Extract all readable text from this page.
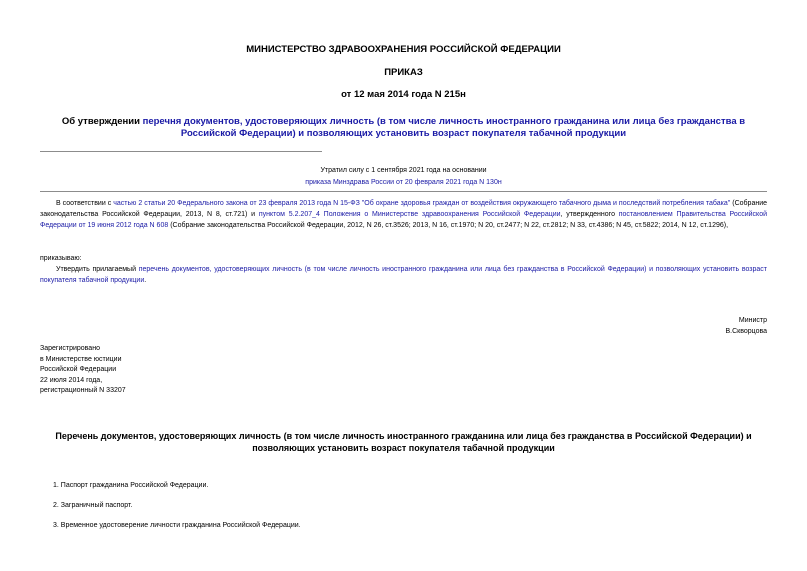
МИНИСТЕРСТВО ЗДРАВООХРАНЕНИЯ РОССИЙСКОЙ ФЕДЕРАЦИИ
ПРИКАЗ
от 12 мая 2014 года N 215н
Об утверждении перечня документов, удостоверяющих личность (в том числе личность иностранного гражданина или лица без гражданства в Российской Федерации) и позволяющих установить возраст покупателя табачной продукции
Утратил силу с 1 сентября 2021 года на основании
приказа Минздрава России от 20 февраля 2021 года N 130н
В соответствии с частью 2 статьи 20 Федерального закона от 23 февраля 2013 года N 15-ФЗ "Об охране здоровья граждан от воздействия окружающего табачного дыма и последствий потребления табака" (Собрание законодательства Российской Федерации, 2013, N 8, ст.721) и пунктом 5.2.207_4 Положения о Министерстве здравоохранения Российской Федерации, утвержденного постановлением Правительства Российской Федерации от 19 июня 2012 года N 608 (Собрание законодательства Российской Федерации, 2012, N 26, ст.3526; 2013, N 16, ст.1970; N 20, ст.2477; N 22, ст.2812; N 33, ст.4386; N 45, ст.5822; 2014, N 12, ст.1296),
приказываю:
Утвердить прилагаемый перечень документов, удостоверяющих личность (в том числе личность иностранного гражданина или лица без гражданства в Российской Федерации) и позволяющих установить возраст покупателя табачной продукции.
Министр
В.Скворцова
Зарегистрировано
в Министерстве юстиции
Российской Федерации
22 июля 2014 года,
регистрационный N 33207
Перечень документов, удостоверяющих личность (в том числе личность иностранного гражданина или лица без гражданства в Российской Федерации) и позволяющих установить возраст покупателя табачной продукции
1. Паспорт гражданина Российской Федерации.
2. Заграничный паспорт.
3. Временное удостоверение личности гражданина Российской Федерации.
